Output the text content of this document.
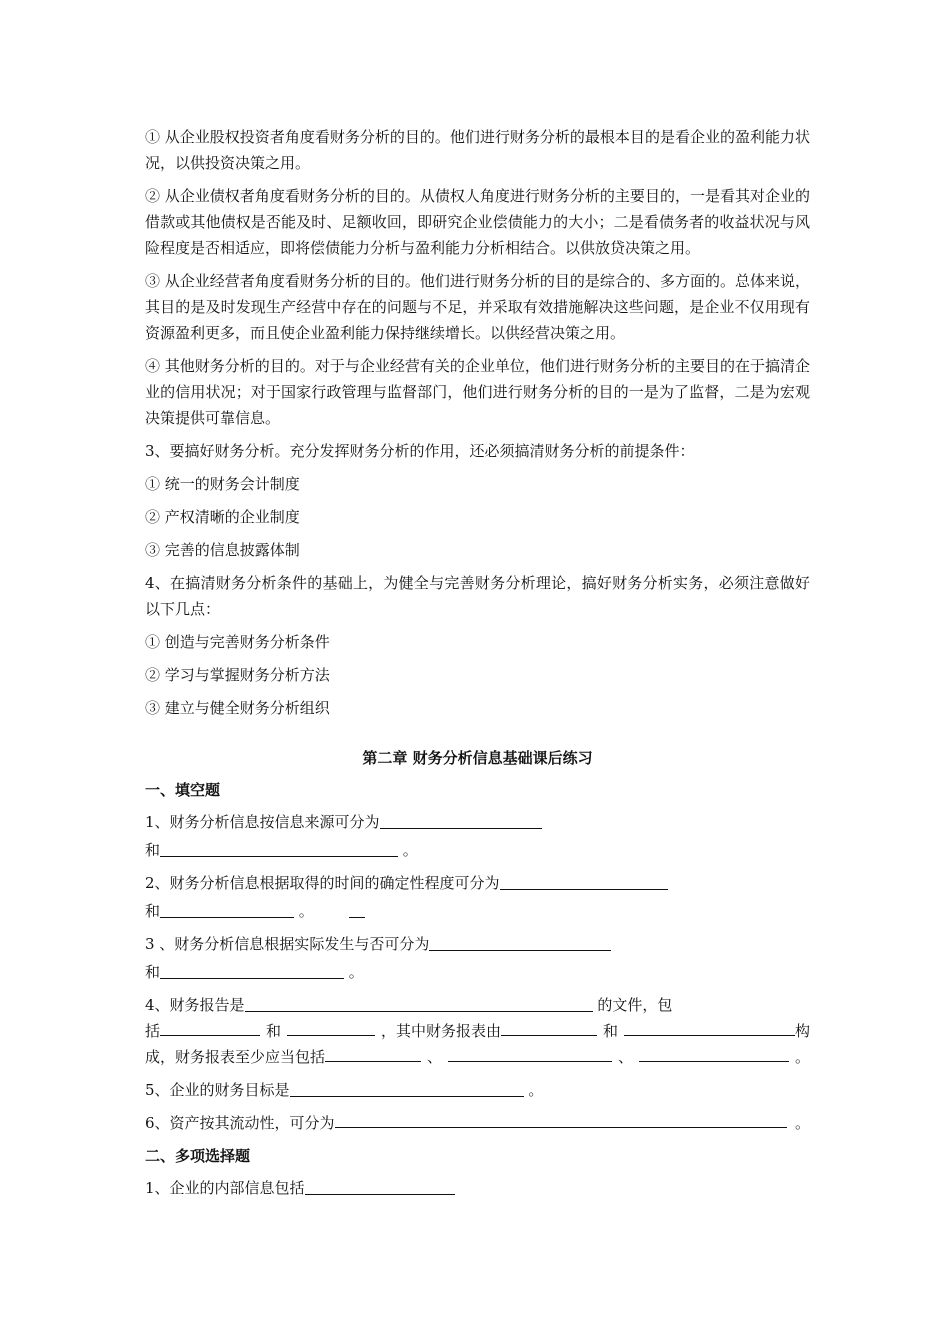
① 从企业股权投资者角度看财务分析的目的。他们进行财务分析的最根本目的是看企业的盈利能力状况，以供投资决策之用。

② 从企业债权者角度看财务分析的目的。从债权人角度进行财务分析的主要目的，一是看其对企业的借款或其他债权是否能及时、足额收回，即研究企业偿债能力的大小；二是看债务者的收益状况与风险程度是否相适应，即将偿债能力分析与盈利能力分析相结合。以供放贷决策之用。

③ 从企业经营者角度看财务分析的目的。他们进行财务分析的目的是综合的、多方面的。总体来说，其目的是及时发现生产经营中存在的问题与不足，并采取有效措施解决这些问题，是企业不仅用现有资源盈利更多，而且使企业盈利能力保持继续增长。以供经营决策之用。

④ 其他财务分析的目的。对于与企业经营有关的企业单位，他们进行财务分析的主要目的在于搞清企业的信用状况；对于国家行政管理与监督部门，他们进行财务分析的目的一是为了监督，二是为宏观决策提供可靠信息。

3、要搞好财务分析。充分发挥财务分析的作用，还必须搞清财务分析的前提条件：

① 统一的财务会计制度

② 产权清晰的企业制度

③ 完善的信息披露体制

4、在搞清财务分析条件的基础上，为健全与完善财务分析理论，搞好财务分析实务，必须注意做好以下几点：

① 创造与完善财务分析条件

② 学习与掌握财务分析方法

③ 建立与健全财务分析组织

第二章 财务分析信息基础课后练习

一、填空题

1、财务分析信息按信息来源可分为
和	。
2、财务分析信息根据取得的时间的确定性程度可分为
和	。
3 、财务分析信息根据实际发生与否可分为
和	。
4、财务报告是	的文件，包
括	和	，其中财务报表由	和	构
成，财务报表至少应当包括	、	、	。
5、企业的财务目标是	。
6、资产按其流动性，可分为	。

二、多项选择题

1、企业的内部信息包括
